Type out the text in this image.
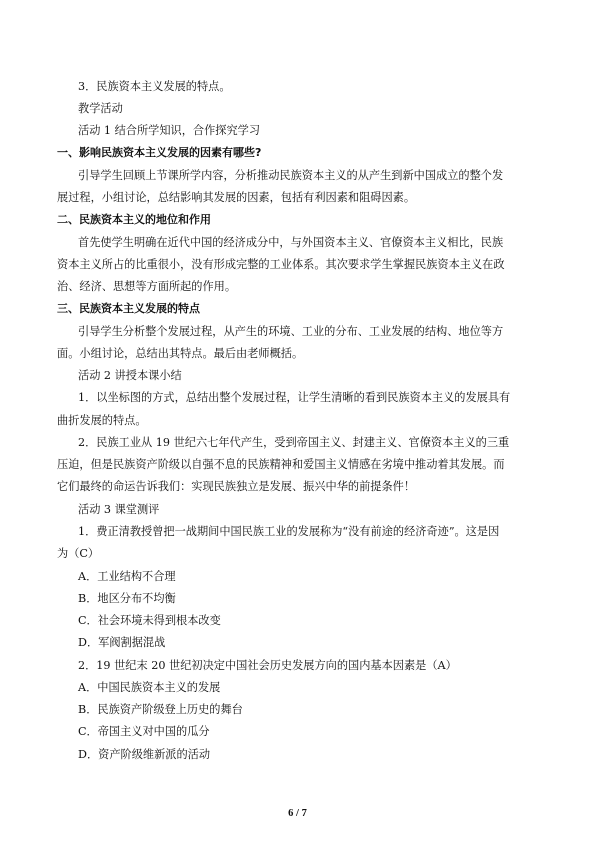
3．民族资本主义发展的特点。
教学活动
活动 1 结合所学知识，合作探究学习
一、影响民族资本主义发展的因素有哪些?
引导学生回顾上节课所学内容，分析推动民族资本主义的从产生到新中国成立的整个发
展过程，小组讨论，总结影响其发展的因素，包括有利因素和阻碍因素。
二、民族资本主义的地位和作用
首先使学生明确在近代中国的经济成分中，与外国资本主义、官僚资本主义相比，民族
资本主义所占的比重很小，没有形成完整的工业体系。其次要求学生掌握民族资本主义在政
治、经济、思想等方面所起的作用。
三、民族资本主义发展的特点
引导学生分析整个发展过程，从产生的环境、工业的分布、工业发展的结构、地位等方
面。小组讨论，总结出其特点。最后由老师概括。
活动 2 讲授本课小结
1．以坐标图的方式，总结出整个发展过程，让学生清晰的看到民族资本主义的发展具有
曲折发展的特点。
2．民族工业从 19 世纪六七年代产生，受到帝国主义、封建主义、官僚资本主义的三重
压迫，但是民族资产阶级以自强不息的民族精神和爱国主义情感在劣境中推动着其发展。而
它们最终的命运告诉我们：实现民族独立是发展、振兴中华的前提条件！
活动 3 课堂测评
1．费正清教授曾把一战期间中国民族工业的发展称为“没有前途的经济奇迹”。这是因
为（C）
A．工业结构不合理
B．地区分布不均衡
C．社会环境未得到根本改变
D．军阀割据混战
2．19 世纪末 20 世纪初决定中国社会历史发展方向的国内基本因素是（A）
A．中国民族资本主义的发展
B．民族资产阶级登上历史的舞台
C．帝国主义对中国的瓜分
D．资产阶级维新派的活动
6 / 7
